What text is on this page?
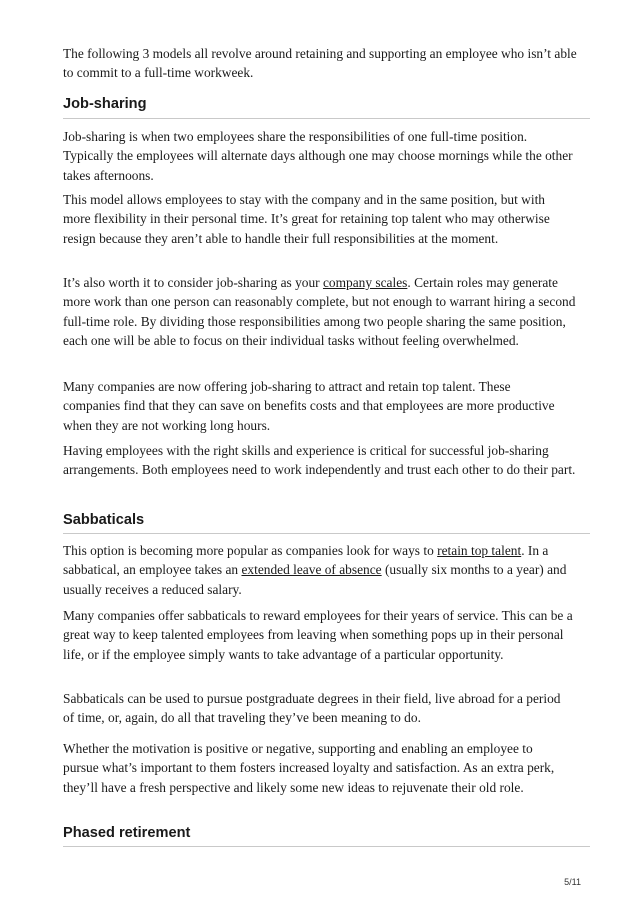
The following 3 models all revolve around retaining and supporting an employee who isn’t able to commit to a full-time workweek.

Job-sharing

Job-sharing is when two employees share the responsibilities of one full-time position. Typically the employees will alternate days although one may choose mornings while the other takes afternoons.

This model allows employees to stay with the company and in the same position, but with more flexibility in their personal time. It’s great for retaining top talent who may otherwise resign because they aren’t able to handle their full responsibilities at the moment.

It’s also worth it to consider job-sharing as your company scales. Certain roles may generate more work than one person can reasonably complete, but not enough to warrant hiring a second full-time role. By dividing those responsibilities among two people sharing the same position, each one will be able to focus on their individual tasks without feeling overwhelmed.

Many companies are now offering job-sharing to attract and retain top talent. These companies find that they can save on benefits costs and that employees are more productive when they are not working long hours.

Having employees with the right skills and experience is critical for successful job-sharing arrangements. Both employees need to work independently and trust each other to do their part.

Sabbaticals

This option is becoming more popular as companies look for ways to retain top talent. In a sabbatical, an employee takes an extended leave of absence (usually six months to a year) and usually receives a reduced salary.

Many companies offer sabbaticals to reward employees for their years of service. This can be a great way to keep talented employees from leaving when something pops up in their personal life, or if the employee simply wants to take advantage of a particular opportunity.

Sabbaticals can be used to pursue postgraduate degrees in their field, live abroad for a period of time, or, again, do all that traveling they’ve been meaning to do.

Whether the motivation is positive or negative, supporting and enabling an employee to pursue what’s important to them fosters increased loyalty and satisfaction. As an extra perk, they’ll have a fresh perspective and likely some new ideas to rejuvenate their old role.

Phased retirement
5/11
